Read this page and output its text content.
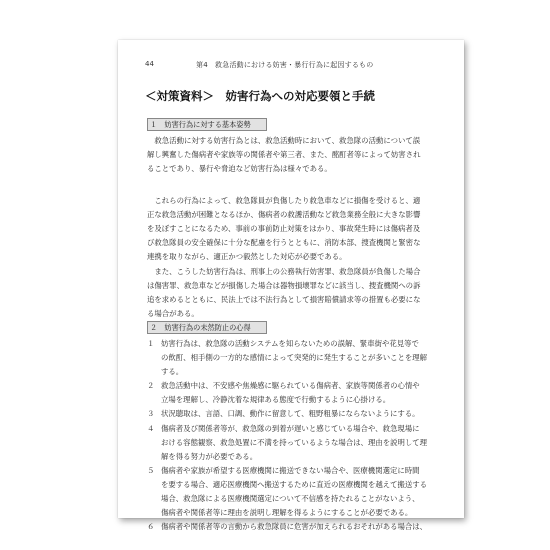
44	第4　救急活動における妨害・暴行行為に起因するもの
＜対策資料＞　妨害行為への対応要領と手続
１　妨害行為に対する基本姿勢
　救急活動に対する妨害行為とは、救急活動時において、救急隊の活動について誤
解し興奮した傷病者や家族等の関係者や第三者、また、酩酊者等によって妨害され
ることであり、暴行や脅迫など妨害行為は様々である。
　これらの行為によって、救急隊員が負傷したり救急車などに損傷を受けると、適
正な救急活動が困難となるほか、傷病者の救護活動など救急業務全般に大きな影響
を及ぼすことになるため、事前の事前防止対策をはかり、事故発生時には傷病者及
び救急隊員の安全確保に十分な配慮を行うとともに、消防本部、捜査機関と緊密な
連携を取りながら、適正かつ毅然とした対応が必要である。
　また、こうした妨害行為は、刑事上の公務執行妨害罪、救急隊員が負傷した場合
は傷害罪、救急車などが損傷した場合は器物損壊罪などに該当し、捜査機関への訴
追を求めるとともに、民法上では不法行為として損害賠償請求等の措置も必要にな
る場合がある。
２　妨害行為の未然防止の心得
１ 妨害行為は、救急隊の活動システムを知らないための誤解、緊車街や花見等で
の飲酊、相手側の一方的な感情によって突発的に発生することが多いことを理解
する。
２ 救急活動中は、不安感や焦燥感に駆られている傷病者、家族等関係者の心情や
立場を理解し、冷静沈着な規律ある態度で行動するように心掛ける。
３ 状況聴取は、言語、口調、動作に留意して、粗野粗暴にならないようにする。
４ 傷病者及び関係者等が、救急隊の到着が遅いと感じている場合や、救急現場に
おける容態観察、救急処置に不満を持っているような場合は、理由を説明して理
解を得る努力が必要である。
５ 傷病者や家族が希望する医療機関に搬送できない場合や、医療機関選定に時間
を要する場合、適応医療機関へ搬送するために直近の医療機関を越えて搬送する
場合、救急隊による医療機関選定について不信感を持たれることがないよう、
傷病者や関係者等に理由を説明し理解を得るようにすることが必要である。
６ 傷病者や関係者等の言動から救急隊員に危害が加えられるおそれがある場合は、
